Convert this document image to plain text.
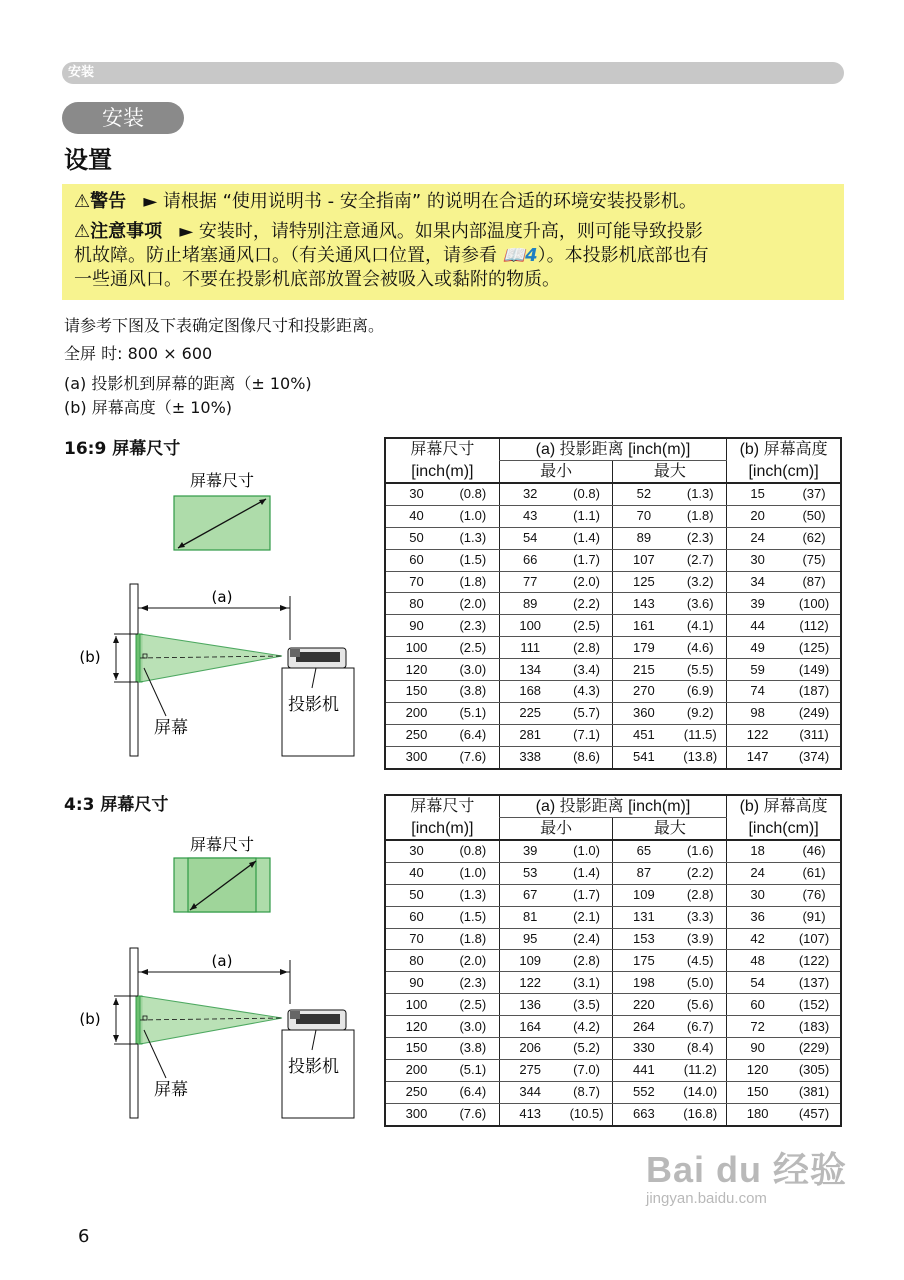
安装
安装
设置
⚠警告 ► 请根据 “使用说明书 - 安全指南” 的说明在合适的环境安装投影机。
⚠注意事项 ► 安装时，请特别注意通风。如果内部温度升高，则可能导致投影
机故障。防止堵塞通风口。（有关通风口位置，请参看 📖4）。本投影机底部也有
一些通风口。不要在投影机底部放置会被吸入或黏附的物质。
请参考下图及下表确定图像尺寸和投影距离。
全屏 时: 800 × 600
(a) 投影机到屏幕的距离（± 10%)
(b) 屏幕高度（± 10%)
16:9 屏幕尺寸
屏幕尺寸
(a)
(b)
屏幕
投影机
屏幕尺寸		(a) 投影距离 [inch(m)]				(b) 屏幕高度	
[inch(m)]		最小		最大		[inch(cm)]	
30	(0.8)	32	(0.8)	52	(1.3)	15	(37)
40	(1.0)	43	(1.1)	70	(1.8)	20	(50)
50	(1.3)	54	(1.4)	89	(2.3)	24	(62)
60	(1.5)	66	(1.7)	107	(2.7)	30	(75)
70	(1.8)	77	(2.0)	125	(3.2)	34	(87)
80	(2.0)	89	(2.2)	143	(3.6)	39	(100)
90	(2.3)	100	(2.5)	161	(4.1)	44	(112)
100	(2.5)	111	(2.8)	179	(4.6)	49	(125)
120	(3.0)	134	(3.4)	215	(5.5)	59	(149)
150	(3.8)	168	(4.3)	270	(6.9)	74	(187)
200	(5.1)	225	(5.7)	360	(9.2)	98	(249)
250	(6.4)	281	(7.1)	451	(11.5)	122	(311)
300	(7.6)	338	(8.6)	541	(13.8)	147	(374)
4:3 屏幕尺寸
屏幕尺寸
(a)
(b)
屏幕
投影机
屏幕尺寸		(a) 投影距离 [inch(m)]				(b) 屏幕高度	
[inch(m)]		最小		最大		[inch(cm)]	
30	(0.8)	39	(1.0)	65	(1.6)	18	(46)
40	(1.0)	53	(1.4)	87	(2.2)	24	(61)
50	(1.3)	67	(1.7)	109	(2.8)	30	(76)
60	(1.5)	81	(2.1)	131	(3.3)	36	(91)
70	(1.8)	95	(2.4)	153	(3.9)	42	(107)
80	(2.0)	109	(2.8)	175	(4.5)	48	(122)
90	(2.3)	122	(3.1)	198	(5.0)	54	(137)
100	(2.5)	136	(3.5)	220	(5.6)	60	(152)
120	(3.0)	164	(4.2)	264	(6.7)	72	(183)
150	(3.8)	206	(5.2)	330	(8.4)	90	(229)
200	(5.1)	275	(7.0)	441	(11.2)	120	(305)
250	(6.4)	344	(8.7)	552	(14.0)	150	(381)
300	(7.6)	413	(10.5)	663	(16.8)	180	(457)
Bai du 经验
jingyan.baidu.com
6
